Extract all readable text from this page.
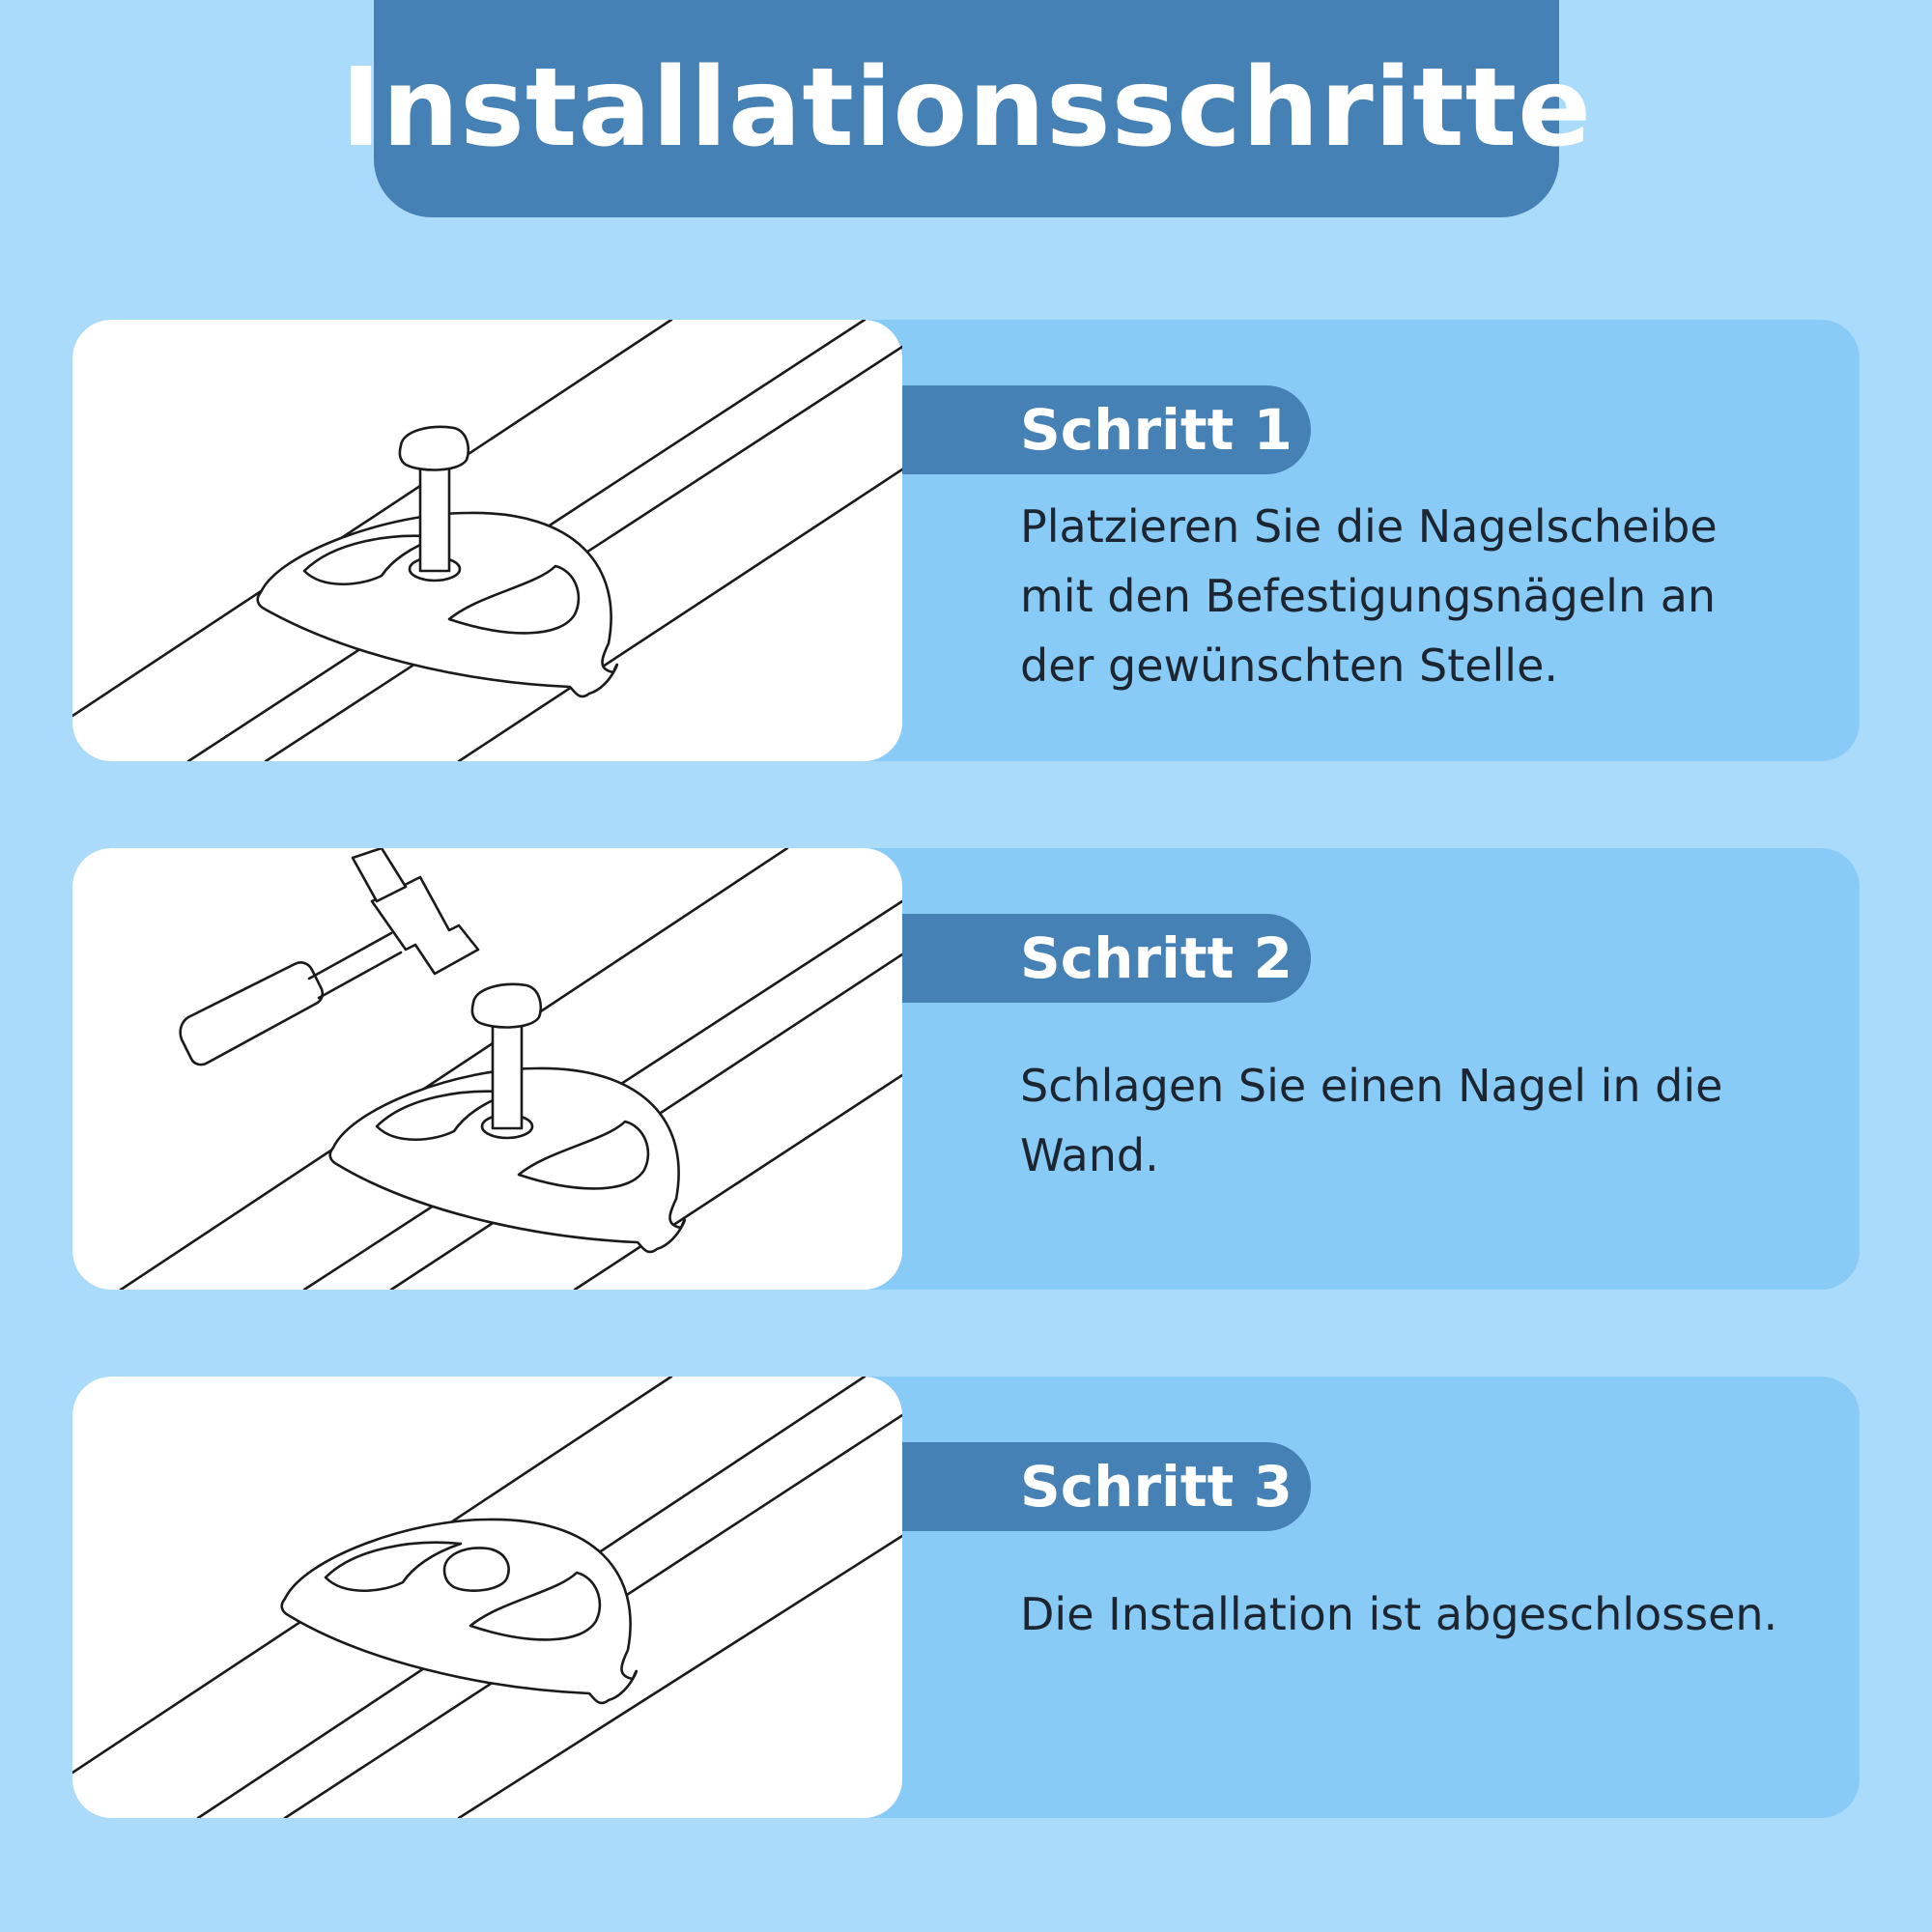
Installationsschritte
Schritt 1
Platzieren Sie die Nagelscheibe
mit den Befestigungsnägeln an
der gewünschten Stelle.
Schritt 2
Schlagen Sie einen Nagel in die
Wand.
Schritt 3
Die Installation ist abgeschlossen.
